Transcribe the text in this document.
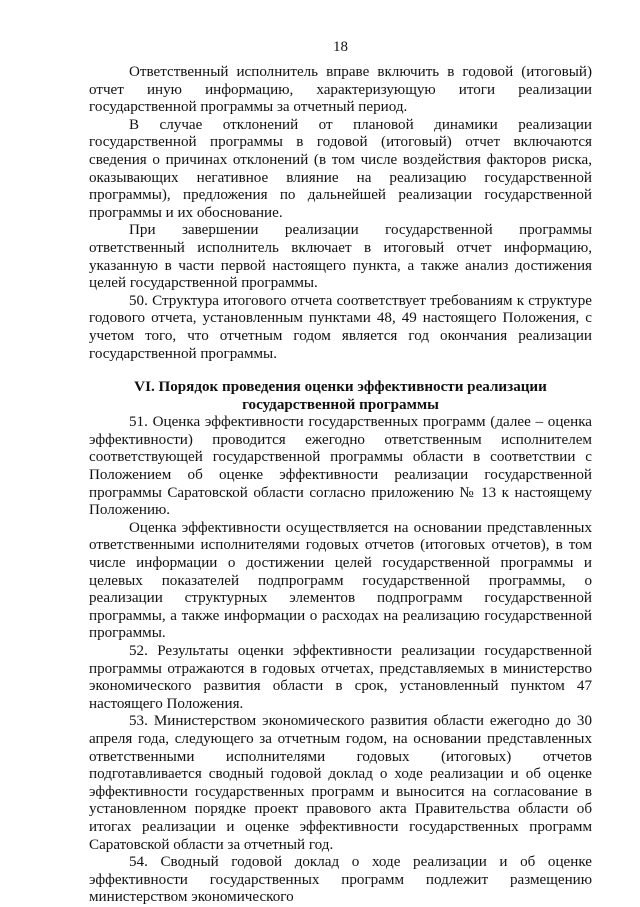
18

Ответственный исполнитель вправе включить в годовой (итоговый) отчет иную информацию, характеризующую итоги реализации государственной программы за отчетный период.

В случае отклонений от плановой динамики реализации государственной программы в годовой (итоговый) отчет включаются сведения о причинах отклонений (в том числе воздействия факторов риска, оказывающих негативное влияние на реализацию государственной программы), предложения по дальнейшей реализации государственной программы и их обоснование.

При завершении реализации государственной программы ответственный исполнитель включает в итоговый отчет информацию, указанную в части первой настоящего пункта, а также анализ достижения целей государственной программы.

50. Структура итогового отчета соответствует требованиям к структуре годового отчета, установленным пунктами 48, 49 настоящего Положения, с учетом того, что отчетным годом является год окончания реализации государственной программы.

VI. Порядок проведения оценки эффективности реализации государственной программы

51. Оценка эффективности государственных программ (далее – оценка эффективности) проводится ежегодно ответственным исполнителем соответствующей государственной программы области в соответствии с Положением об оценке эффективности реализации государственной программы Саратовской области согласно приложению № 13 к настоящему Положению.

Оценка эффективности осуществляется на основании представленных ответственными исполнителями годовых отчетов (итоговых отчетов), в том числе информации о достижении целей государственной программы и целевых показателей подпрограмм государственной программы, о реализации структурных элементов подпрограмм государственной программы, а также информации о расходах на реализацию государственной программы.

52. Результаты оценки эффективности реализации государственной программы отражаются в годовых отчетах, представляемых в министерство экономического развития области в срок, установленный пунктом 47 настоящего Положения.

53. Министерством экономического развития области ежегодно до 30 апреля года, следующего за отчетным годом, на основании представленных ответственными исполнителями годовых (итоговых) отчетов подготавливается сводный годовой доклад о ходе реализации и об оценке эффективности государственных программ и выносится на согласование в установленном порядке проект правового акта Правительства области об итогах реализации и оценке эффективности государственных программ Саратовской области за отчетный год.

54. Сводный годовой доклад о ходе реализации и об оценке эффективности государственных программ подлежит размещению министерством экономического
